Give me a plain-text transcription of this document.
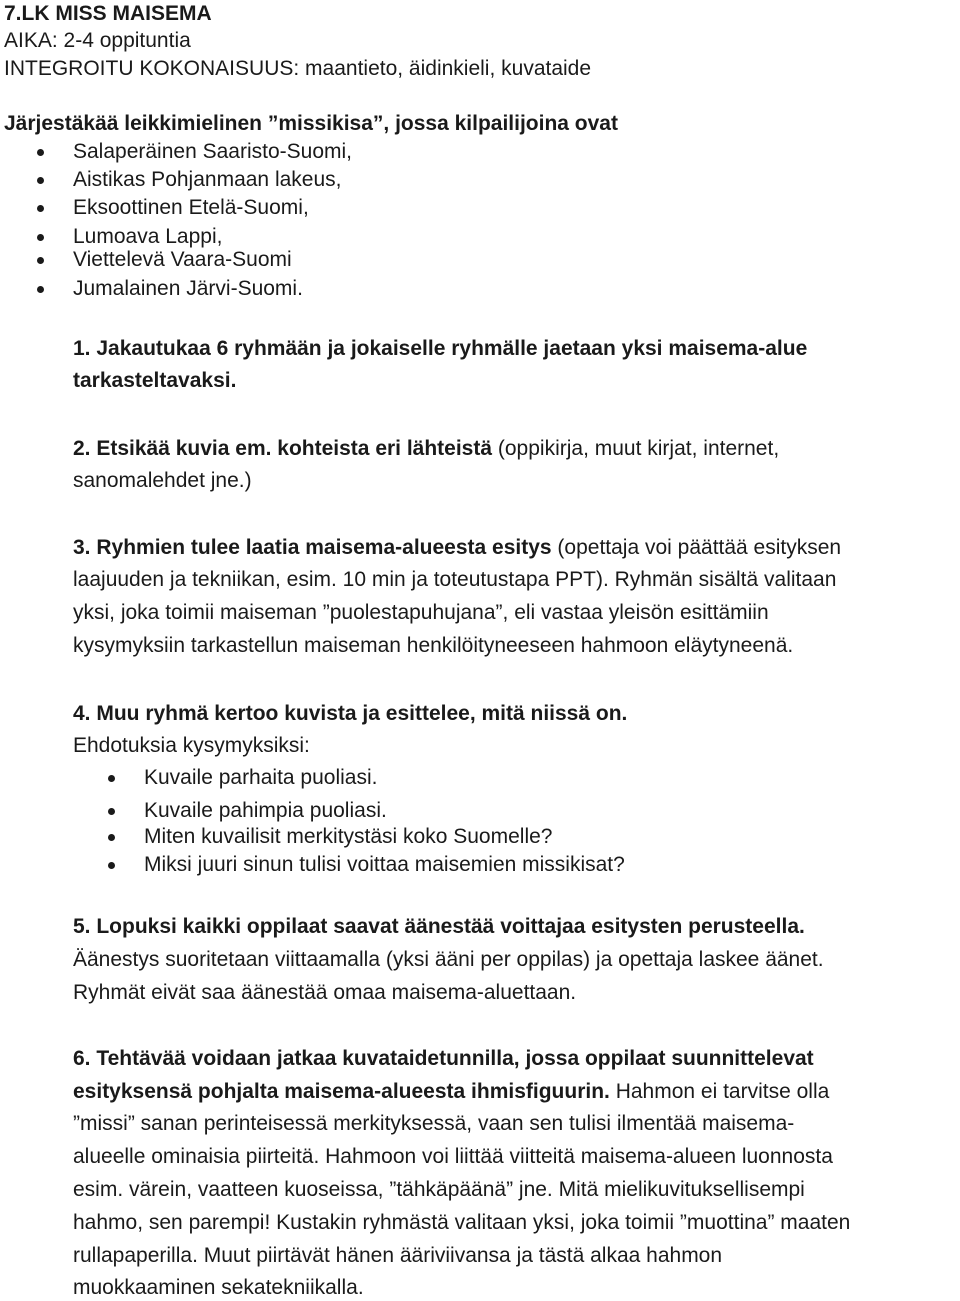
7.LK MISS MAISEMA
AIKA: 2-4 oppituntia
INTEGROITU KOKONAISUUS: maantieto, äidinkieli, kuvataide
Järjestäkää leikkimielinen ”missikisa”, jossa kilpailijoina ovat
Salaperäinen Saaristo-Suomi,
Aistikas Pohjanmaan lakeus,
Eksoottinen Etelä-Suomi,
Lumoava Lappi,
Viettelevä Vaara-Suomi
Jumalainen Järvi-Suomi.
1. Jakautukaa 6 ryhmään ja jokaiselle ryhmälle jaetaan yksi maisema-alue
tarkasteltavaksi.
2. Etsikää kuvia em. kohteista eri lähteistä (oppikirja, muut kirjat, internet,
sanomalehdet jne.)
3. Ryhmien tulee laatia maisema-alueesta esitys (opettaja voi päättää esityksen
laajuuden ja tekniikan, esim. 10 min ja toteutustapa PPT). Ryhmän sisältä valitaan
yksi, joka toimii maiseman ”puolestapuhujana”, eli vastaa yleisön esittämiin
kysymyksiin tarkastellun maiseman henkilöityneeseen hahmoon eläytyneenä.
4. Muu ryhmä kertoo kuvista ja esittelee, mitä niissä on.
Ehdotuksia kysymyksiksi:
Kuvaile parhaita puoliasi.
Kuvaile pahimpia puoliasi.
Miten kuvailisit merkitystäsi koko Suomelle?
Miksi juuri sinun tulisi voittaa maisemien missikisat?
5. Lopuksi kaikki oppilaat saavat äänestää voittajaa esitysten perusteella.
Äänestys suoritetaan viittaamalla (yksi ääni per oppilas) ja opettaja laskee äänet.
Ryhmät eivät saa äänestää omaa maisema-aluettaan.
6. Tehtävää voidaan jatkaa kuvataidetunnilla, jossa oppilaat suunnittelevat
esityksensä pohjalta maisema-alueesta ihmisfiguurin. Hahmon ei tarvitse olla
”missi” sanan perinteisessä merkityksessä, vaan sen tulisi ilmentää maisema-
alueelle ominaisia piirteitä. Hahmoon voi liittää viitteitä maisema-alueen luonnosta
esim. värein, vaatteen kuoseissa, ”tähkäpäänä” jne. Mitä mielikuvituksellisempi
hahmo, sen parempi! Kustakin ryhmästä valitaan yksi, joka toimii ”muottina” maaten
rullapaperilla. Muut piirtävät hänen ääriviivansa ja tästä alkaa hahmon
muokkaaminen sekatekniikalla.
